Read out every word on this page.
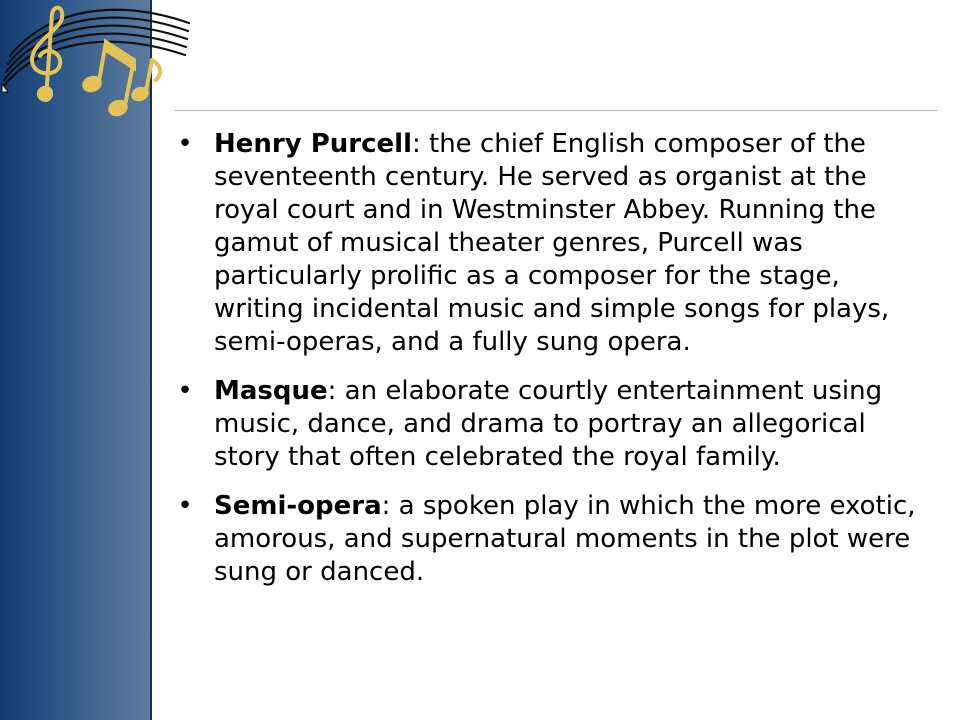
• Henry Purcell: the chief English composer of the seventeenth century. He served as organist at the royal court and in Westminster Abbey. Running the gamut of musical theater genres, Purcell was particularly prolific as a composer for the stage, writing incidental music and simple songs for plays, semi-operas, and a fully sung opera.
• Masque: an elaborate courtly entertainment using music, dance, and drama to portray an allegorical story that often celebrated the royal family.
• Semi-opera: a spoken play in which the more exotic, amorous, and supernatural moments in the plot were sung or danced.
